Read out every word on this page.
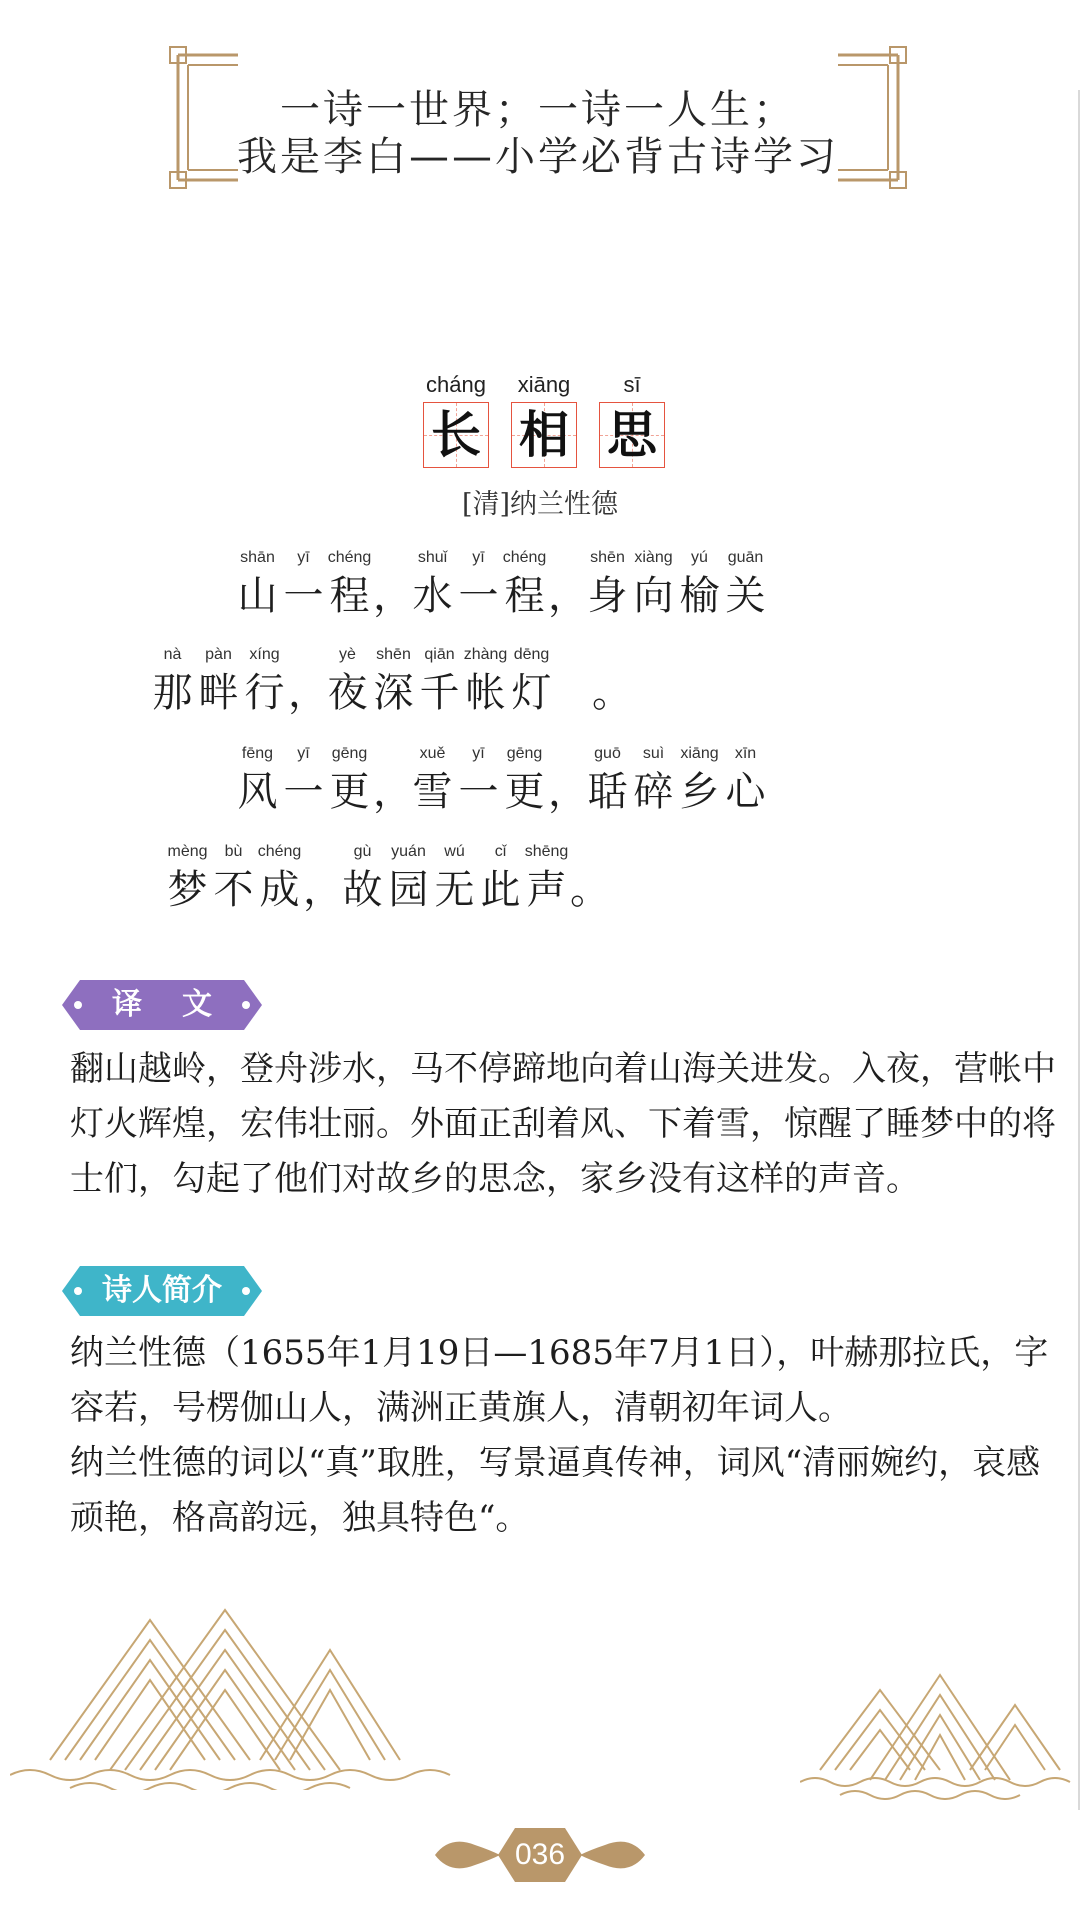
一诗一世界；一诗一人生；
我是李白——小学必背古诗学习
cháng
长
xiāng
相
sī
思
[清]纳兰性德
shān
山
yī
一
chéng
程 ，
shuǐ
水
yī
一
chéng
程 ，
shēn
身
xiàng
向
yú
榆
guān
关
nà
那
pàn
畔
xíng
行 ，
yè
夜
shēn
深
qiān
千
zhàng
帐
dēng
灯
　 。
fēng
风
yī
一
gēng
更 ，
xuě
雪
yī
一
gēng
更 ，
guō
聒
suì
碎
xiāng
乡
xīn
心
mèng
梦
bù
不
chéng
成 ，
gù
故
yuán
园
wú
无
cǐ
此
shēng
声 。
译文

翻山越岭，登舟涉水，马不停蹄地向着山海关进发。入夜，营帐中灯火辉煌，宏伟壮丽。外面正刮着风、下着雪，惊醒了睡梦中的将士们，勾起了他们对故乡的思念，家乡没有这样的声音。

诗人简介

纳兰性德（1655年1月19日—1685年7月1日），叶赫那拉氏，字容若，号楞伽山人，满洲正黄旗人，清朝初年词人。

纳兰性德的词以“真”取胜，写景逼真传神，词风“清丽婉约，哀感顽艳，格高韵远，独具特色“。

036
